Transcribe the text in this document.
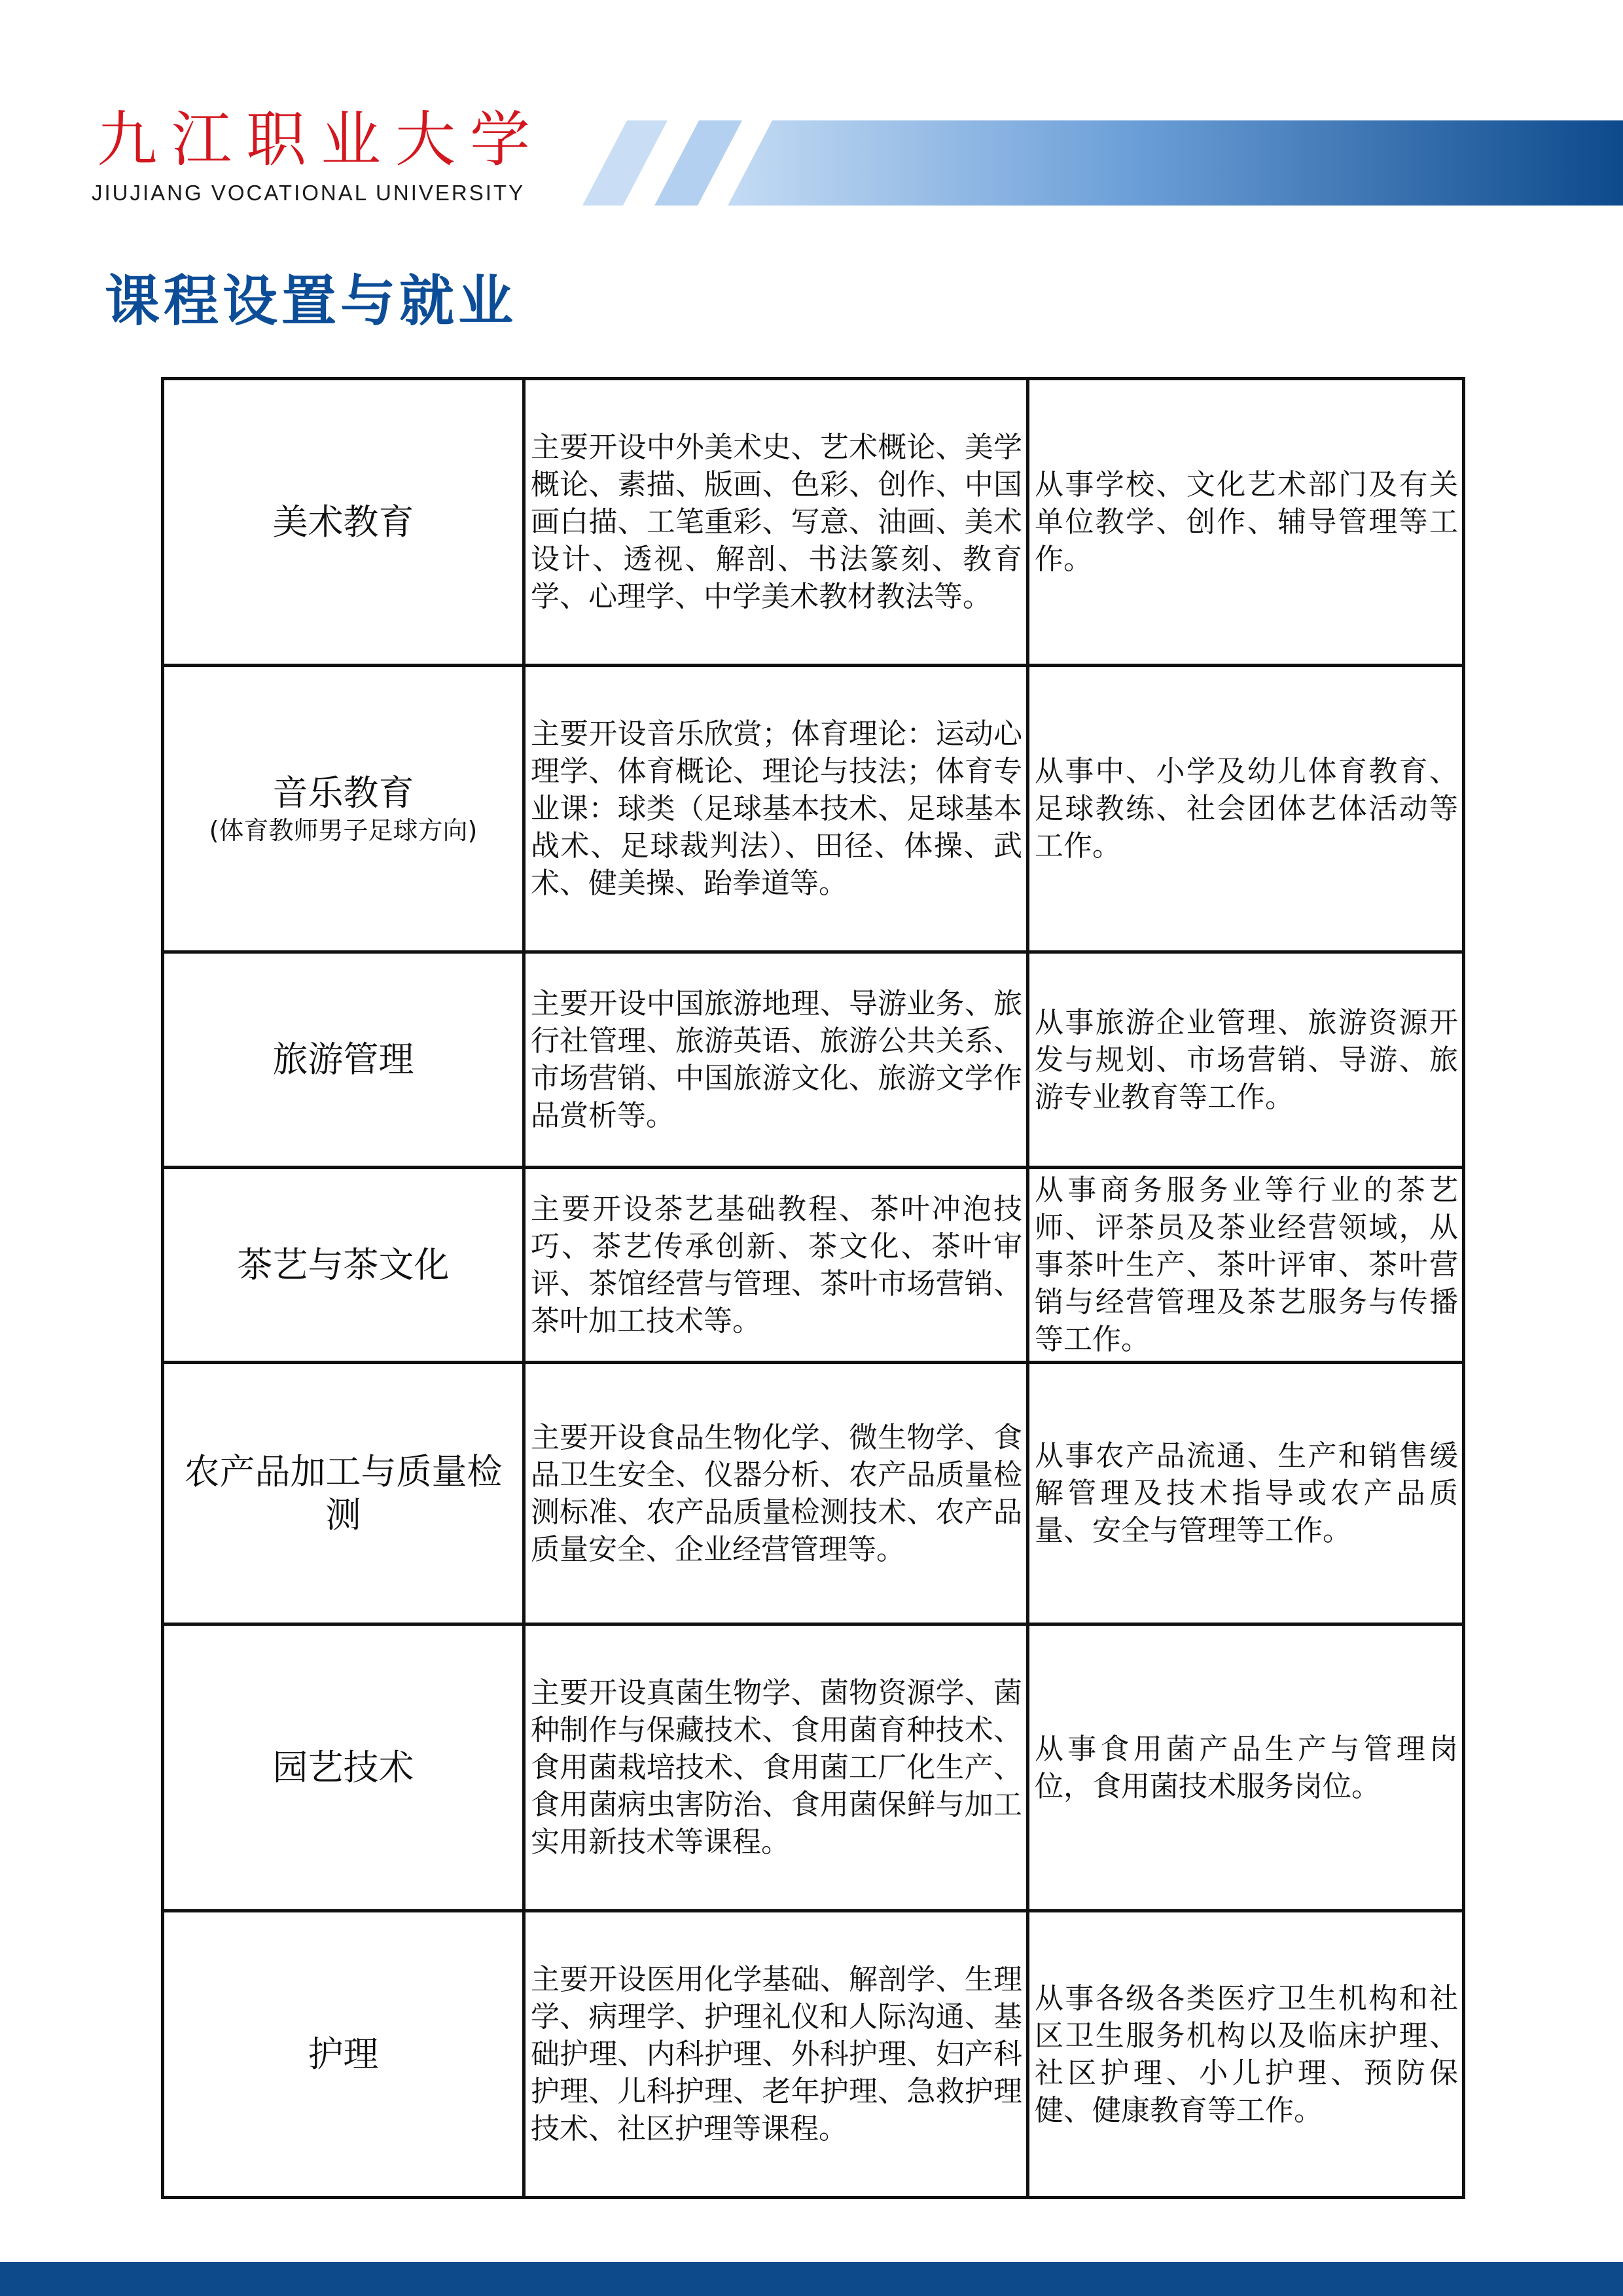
九江职业大学
JIUJIANG VOCATIONAL UNIVERSITY
课程设置与就业
美术教育	主要开设中外美术史、艺术概论、美学概论、素描、版画、色彩、创作、中国画白描、工笔重彩、写意、油画、美术设计、透视、解剖、书法篆刻、教育学、心理学、中学美术教材教法等。	从事学校、文化艺术部门及有关单位教学、创作、辅导管理等工作。

音乐教育
(体育教师男子足球方向)	主要开设音乐欣赏；体育理论：运动心理学、体育概论、理论与技法；体育专业课：球类（足球基本技术、足球基本战术、足球裁判法）、田径、体操、武术、健美操、跆拳道等。	从事中、小学及幼儿体育教育、足球教练、社会团体艺体活动等工作。

旅游管理	主要开设中国旅游地理、导游业务、旅行社管理、旅游英语、旅游公共关系、市场营销、中国旅游文化、旅游文学作品赏析等。	从事旅游企业管理、旅游资源开发与规划、市场营销、导游、旅游专业教育等工作。

茶艺与茶文化	主要开设茶艺基础教程、茶叶冲泡技巧、茶艺传承创新、茶文化、茶叶审评、茶馆经营与管理、茶叶市场营销、茶叶加工技术等。	从事商务服务业等行业的茶艺师、评茶员及茶业经营领域，从事茶叶生产、茶叶评审、茶叶营销与经营管理及茶艺服务与传播等工作。

农产品加工与质量检测	主要开设食品生物化学、微生物学、食品卫生安全、仪器分析、农产品质量检测标准、农产品质量检测技术、农产品质量安全、企业经营管理等。	从事农产品流通、生产和销售缓解管理及技术指导或农产品质量、安全与管理等工作。

园艺技术	主要开设真菌生物学、菌物资源学、菌种制作与保藏技术、食用菌育种技术、食用菌栽培技术、食用菌工厂化生产、食用菌病虫害防治、食用菌保鲜与加工实用新技术等课程。	从事食用菌产品生产与管理岗位，食用菌技术服务岗位。

护理	主要开设医用化学基础、解剖学、生理学、病理学、护理礼仪和人际沟通、基础护理、内科护理、外科护理、妇产科护理、儿科护理、老年护理、急救护理技术、社区护理等课程。	从事各级各类医疗卫生机构和社区卫生服务机构以及临床护理、社区护理、小儿护理、预防保健、健康教育等工作。
